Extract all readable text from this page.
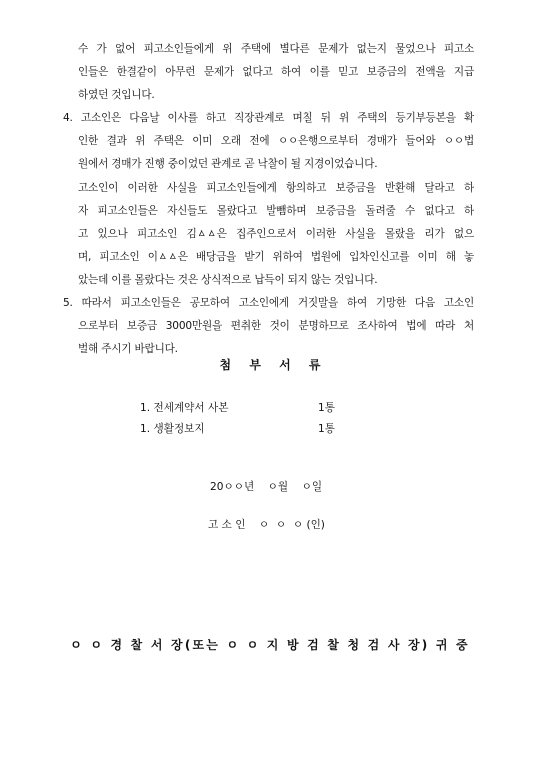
수 가 없어 피고소인들에게 위 주택에 별다른 문제가 없는지 물었으나 피고소
인들은 한결같이 아무런 문제가 없다고 하여 이를 믿고 보증금의 전액을 지급
하였던 것입니다.
4. 고소인은 다음날 이사를 하고 직장관계로 며칠 뒤 위 주택의 등기부등본을 확
인한 결과 위 주택은 이미 오래 전에 ㅇㅇ은행으로부터 경매가 들어와 ㅇㅇ법
원에서 경매가 진행 중이었던 관계로 곧 낙찰이 될 지경이었습니다.
고소인이 이러한 사실을 피고소인들에게 항의하고 보증금을 반환해 달라고 하
자 피고소인들은 자신들도 몰랐다고 발뺌하며 보증금을 돌려줄 수 없다고 하
고 있으나 피고소인 김ㅿㅿ은 집주인으로서 이러한 사실을 몰랐을 리가 없으
며, 피고소인 이ㅿㅿ은 배당금을 받기 위하여 법원에 입차인신고를 이미 해 놓
았는데 이를 몰랐다는 것은 상식적으로 납득이 되지 않는 것입니다.
5. 따라서 피고소인들은 공모하여 고소인에게 거짓말을 하여 기망한 다음 고소인
으로부터 보증금 3000만원을 편취한 것이 분명하므로 조사하여 법에 따라 처
벌해 주시기 바랍니다.
첨 부 서 류
1. 전세계약서 사본	1통
1. 생활정보지	1통
20ㅇㅇ년    ㅇ월    ㅇ일
고 소 인    ㅇ  ㅇ  ㅇ (인)
ㅇ ㅇ 경 찰 서 장(또는 ㅇ ㅇ 지 방 검 찰 청 검 사 장) 귀 중
